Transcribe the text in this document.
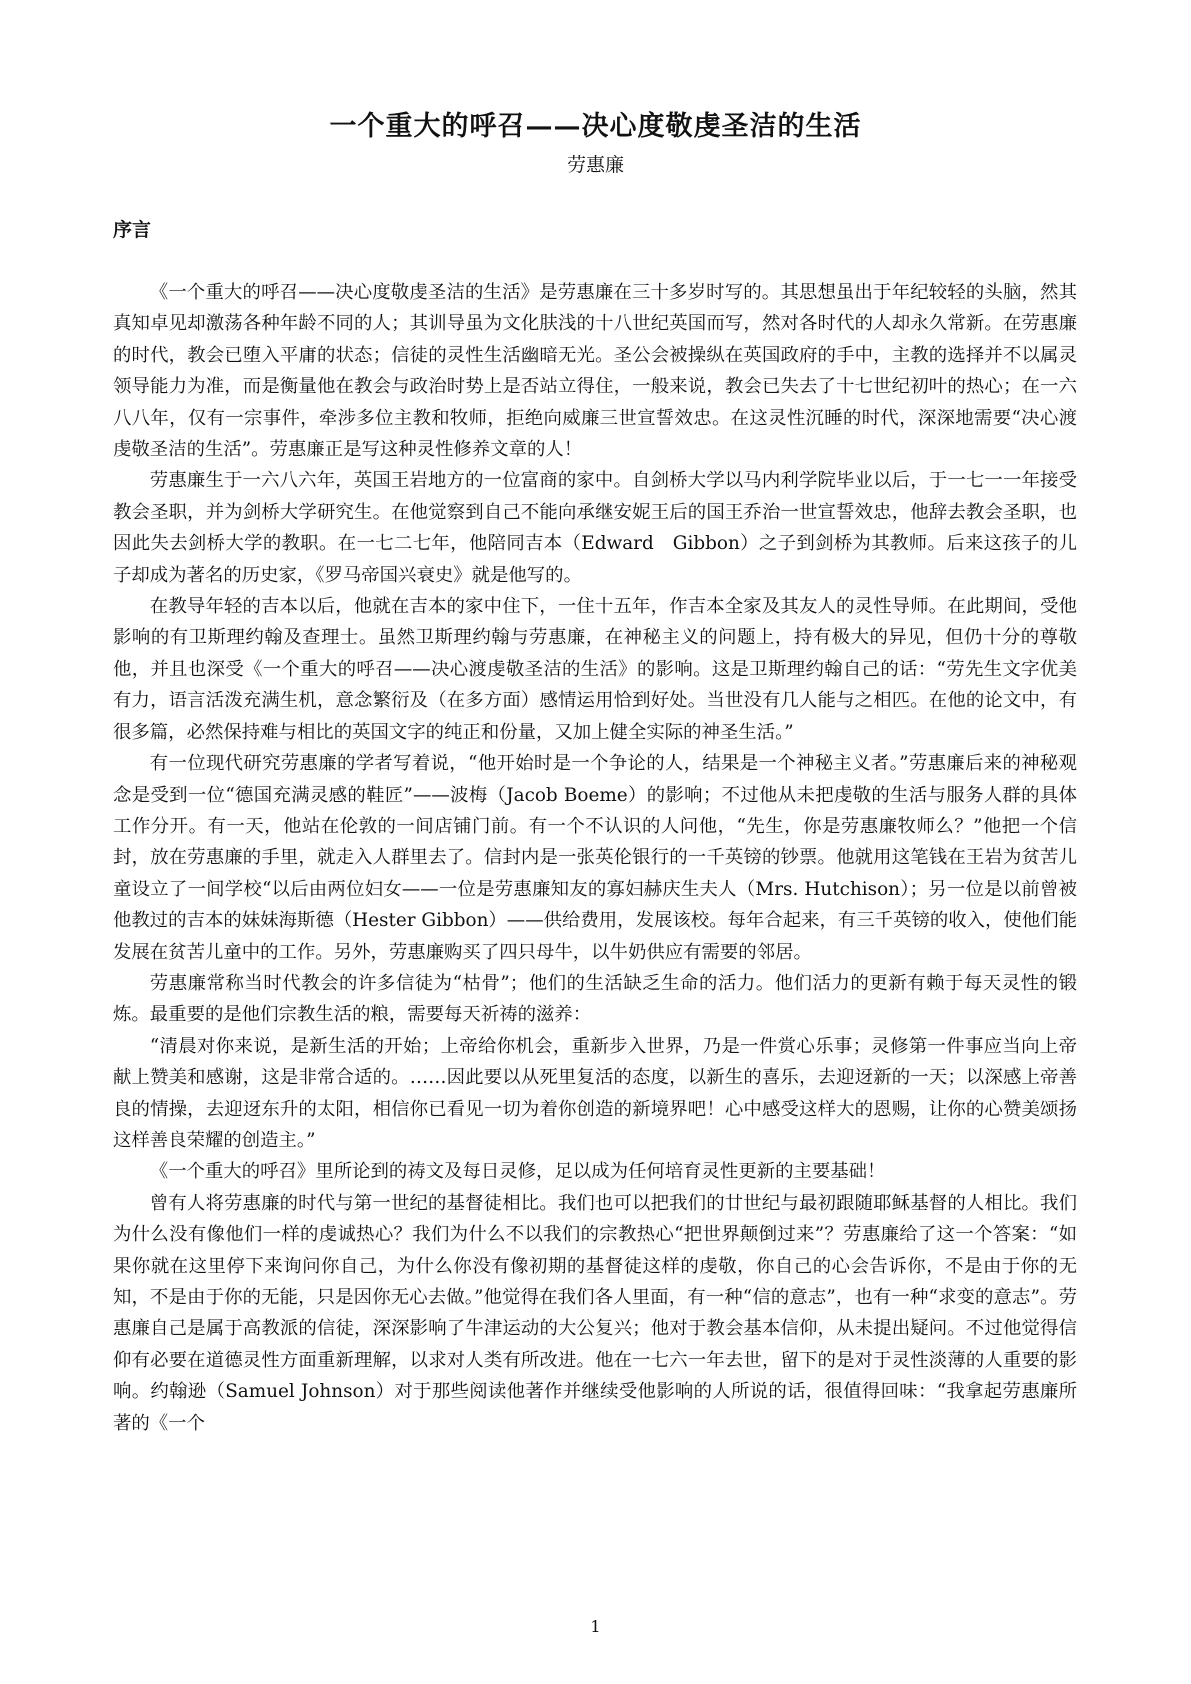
一个重大的呼召——决心度敬虔圣洁的生活
劳惠廉
序言

《一个重大的呼召——决心度敬虔圣洁的生活》是劳惠廉在三十多岁时写的。其思想虽出于年纪较轻的头脑，然其真知卓见却激荡各种年龄不同的人；其训导虽为文化肤浅的十八世纪英国而写，然对各时代的人却永久常新。在劳惠廉的时代，教会已堕入平庸的状态；信徒的灵性生活幽暗无光。圣公会被操纵在英国政府的手中，主教的选择并不以属灵领导能力为准，而是衡量他在教会与政治时势上是否站立得住，一般来说，教会已失去了十七世纪初叶的热心；在一六八八年，仅有一宗事件，牵涉多位主教和牧师，拒绝向威廉三世宣誓效忠。在这灵性沉睡的时代，深深地需要“决心渡虔敬圣洁的生活”。劳惠廉正是写这种灵性修养文章的人！

劳惠廉生于一六八六年，英国王岩地方的一位富商的家中。自剑桥大学以马内利学院毕业以后，于一七一一年接受教会圣职，并为剑桥大学研究生。在他觉察到自己不能向承继安妮王后的国王乔治一世宣誓效忠，他辞去教会圣职，也因此失去剑桥大学的教职。在一七二七年，他陪同吉本（Edward　Gibbon）之子到剑桥为其教师。后来这孩子的儿子却成为著名的历史家，《罗马帝国兴衰史》就是他写的。

在教导年轻的吉本以后，他就在吉本的家中住下，一住十五年，作吉本全家及其友人的灵性导师。在此期间，受他影响的有卫斯理约翰及查理士。虽然卫斯理约翰与劳惠廉，在神秘主义的问题上，持有极大的异见，但仍十分的尊敬他，并且也深受《一个重大的呼召——决心渡虔敬圣洁的生活》的影响。这是卫斯理约翰自己的话：“劳先生文字优美有力，语言活泼充满生机，意念繁衍及（在多方面）感情运用恰到好处。当世没有几人能与之相匹。在他的论文中，有很多篇，必然保持难与相比的英国文字的纯正和份量，又加上健全实际的神圣生活。”

有一位现代研究劳惠廉的学者写着说，“他开始时是一个争论的人，结果是一个神秘主义者。”劳惠廉后来的神秘观念是受到一位“德国充满灵感的鞋匠”——波梅（Jacob Boeme）的影响；不过他从未把虔敬的生活与服务人群的具体工作分开。有一天，他站在伦敦的一间店铺门前。有一个不认识的人问他，“先生，你是劳惠廉牧师么？”他把一个信封，放在劳惠廉的手里，就走入人群里去了。信封内是一张英伦银行的一千英镑的钞票。他就用这笔钱在王岩为贫苦儿童设立了一间学校“以后由两位妇女——一位是劳惠廉知友的寡妇赫庆生夫人（Mrs. Hutchison）；另一位是以前曾被他教过的吉本的妹妹海斯德（Hester Gibbon）——供给费用，发展该校。每年合起来，有三千英镑的收入，使他们能发展在贫苦儿童中的工作。另外，劳惠廉购买了四只母牛，以牛奶供应有需要的邻居。

劳惠廉常称当时代教会的许多信徒为“枯骨”；他们的生活缺乏生命的活力。他们活力的更新有赖于每天灵性的锻炼。最重要的是他们宗教生活的粮，需要每天祈祷的滋养：

“清晨对你来说，是新生活的开始；上帝给你机会，重新步入世界，乃是一件赏心乐事；灵修第一件事应当向上帝献上赞美和感谢，这是非常合适的。……因此要以从死里复活的态度，以新生的喜乐，去迎迓新的一天；以深感上帝善良的情操，去迎迓东升的太阳，相信你已看见一切为着你创造的新境界吧！心中感受这样大的恩赐，让你的心赞美颂扬这样善良荣耀的创造主。”

《一个重大的呼召》里所论到的祷文及每日灵修，足以成为任何培育灵性更新的主要基础！

曾有人将劳惠廉的时代与第一世纪的基督徒相比。我们也可以把我们的廿世纪与最初跟随耶稣基督的人相比。我们为什么没有像他们一样的虔诚热心？我们为什么不以我们的宗教热心“把世界颠倒过来”？劳惠廉给了这一个答案：“如果你就在这里停下来询问你自己，为什么你没有像初期的基督徒这样的虔敬，你自己的心会告诉你，不是由于你的无知，不是由于你的无能，只是因你无心去做。”他觉得在我们各人里面，有一种“信的意志”，也有一种“求变的意志”。劳惠廉自己是属于高教派的信徒，深深影响了牛津运动的大公复兴；他对于教会基本信仰，从未提出疑问。不过他觉得信仰有必要在道德灵性方面重新理解，以求对人类有所改进。他在一七六一年去世，留下的是对于灵性淡薄的人重要的影响。约翰逊（Samuel Johnson）对于那些阅读他著作并继续受他影响的人所说的话，很值得回味：“我拿起劳惠廉所著的《一个

1
